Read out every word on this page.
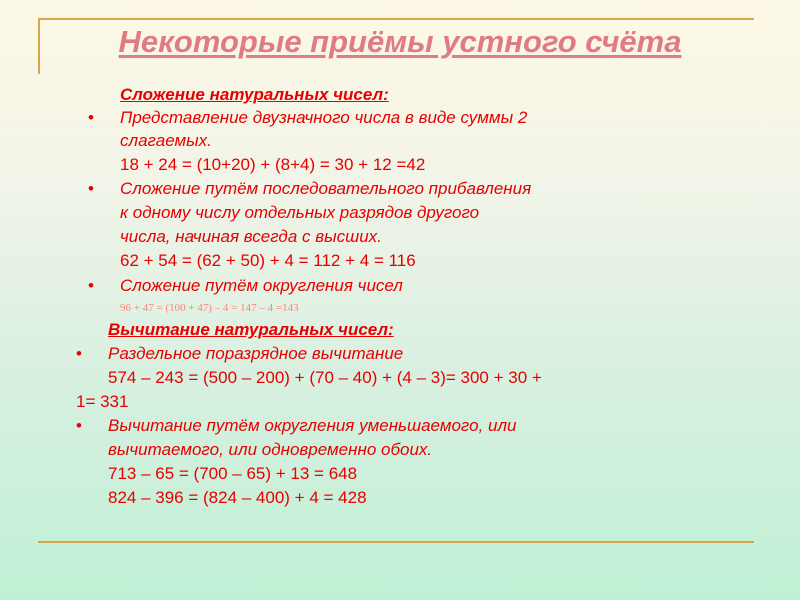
Некоторые приёмы устного счёта
Сложение натуральных чисел:
• Представление двузначного числа в виде суммы 2
слагаемых.
18 + 24 = (10+20) + (8+4) = 30 + 12 =42
• Сложение путём последовательного прибавления
к одному числу отдельных разрядов другого
числа, начиная всегда с высших.
62 + 54 = (62 + 50) + 4 = 112 + 4 = 116
• Сложение путём округления чисел
96 + 47 = (100 + 47) – 4 = 147 – 4 =143
Вычитание натуральных чисел:
• Раздельное поразрядное вычитание
574 – 243 = (500 – 200) + (70 – 40) + (4 – 3)= 300 + 30 +
1= 331
• Вычитание путём округления уменьшаемого, или
вычитаемого, или одновременно обоих.
713 – 65 = (700 – 65) + 13 = 648
824 – 396 = (824 – 400) + 4 = 428
